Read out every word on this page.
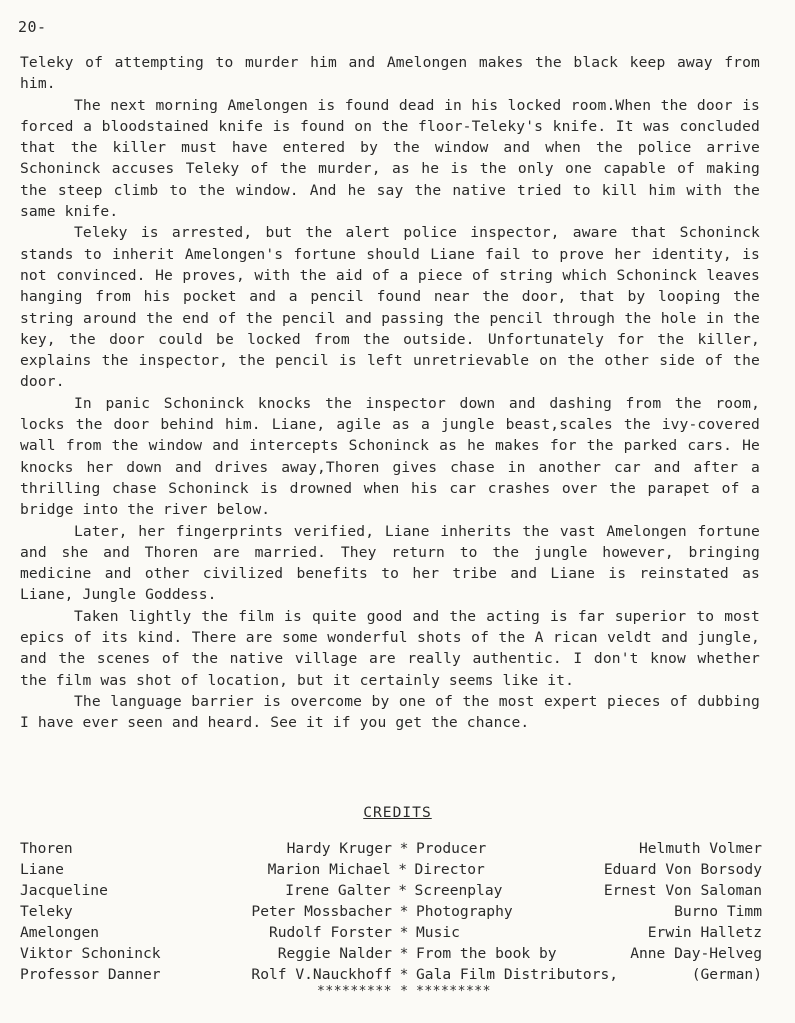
20-

Teleky of attempting to murder him and Amelongen makes the black keep away from him.

The next morning Amelongen is found dead in his locked room.When the door is forced a bloodstained knife is found on the floor-Teleky's knife. It was concluded that the killer must have entered by the window and when the police arrive Schoninck accuses Teleky of the murder, as he is the only one capable of making the steep climb to the window. And he say the native tried to kill him with the same knife.

Teleky is arrested, but the alert police inspector, aware that Schoninck stands to inherit Amelongen's fortune should Liane fail to prove her identity, is not convinced. He proves, with the aid of a piece of string which Schoninck leaves hanging from his pocket and a pencil found near the door, that by looping the string around the end of the pencil and passing the pencil through the hole in the key, the door could be locked from the outside. Unfortunately for the killer, explains the inspector, the pencil is left unretrievable on the other side of the door.

In panic Schoninck knocks the inspector down and dashing from the room, locks the door behind him. Liane, agile as a jungle beast,scales the ivy-covered wall from the window and intercepts Schoninck as he makes for the parked cars. He knocks her down and drives away,Thoren gives chase in another car and after a thrilling chase Schoninck is drowned when his car crashes over the parapet of a bridge into the river below.

Later, her fingerprints verified, Liane inherits the vast Amelongen fortune and she and Thoren are married. They return to the jungle however, bringing medicine and other civilized benefits to her tribe and Liane is reinstated as Liane, Jungle Goddess.

Taken lightly the film is quite good and the acting is far superior to most epics of its kind. There are some wonderful shots of the A rican veldt and jungle, and the scenes of the native village are really authentic. I don't know whether the film was shot of location, but it certainly seems like it.

The language barrier is overcome by one of the most expert pieces of dubbing I have ever seen and heard. See it if you get the chance.

CREDITS
Thoren	Hardy Kruger * Producer	Helmuth Volmer
Liane	Marion Michael * Director	Eduard Von Borsody
Jacqueline	Irene Galter * Screenplay	Ernest Von Saloman
Teleky	Peter Mossbacher * Photography	Burno Timm
Amelongen	Rudolf Forster * Music	Erwin Halletz
Viktor Schoninck	Reggie Nalder * From the book by	Anne Day-Helveg
Professor Danner	Rolf V.Nauckhoff * Gala Film Distributors,	(German)
********* * *********
